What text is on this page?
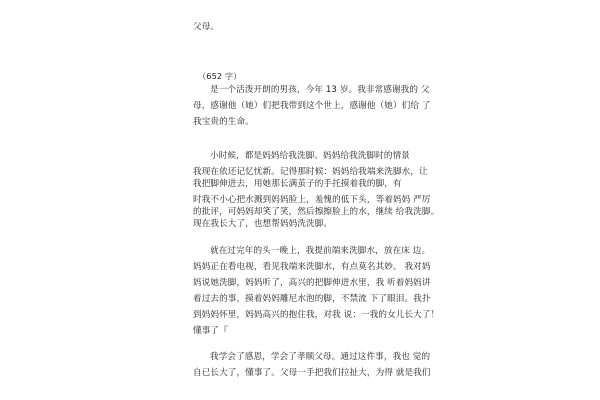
父母。
（652 字）
是一个活泼开朗的男孩，今年 13 岁。我非常感谢我的 父
母，感谢他（她）们把我带到这个世上，感谢他（她）们给 了
我宝贵的生命。
小时候，都是妈妈给我洗脚。妈妈给我洗脚时的情景
我现在依还记忆忧新。记得那时候：妈妈给我端来洗脚水，让
我把脚伸进去，用她那长满茧子的手托摸着我的脚，有
时我不小心把水溅到妈妈脸上，羞愧的低下头，等着妈妈 严厉
的批评，可妈妈却笑了笑，然后擦擦脸上的水，继续 给我洗脚。
现在我长大了，也想帮妈妈洗洗脚。
就在过完年的头一晚上，我提前端来洗脚水，放在床 边。
妈妈正在看电视，看见我端来洗脚水，有点莫名其妙。 我对妈
妈说她洗脚，妈妈听了，高兴的把脚伸进水里，我 听着妈妈讲
着过去的事，摸着妈妈雕尼水泡的脚，不禁流 下了眼泪。我扑
到妈妈怀里，妈妈高兴的抱住我，对我 说：一我的女儿长大了！
懂事了『
我学会了感恩，学会了孝顺父母。通过这件事，我也 觉的
自已长大了，懂事了。父母一手把我们拉扯大，为得 就是我们
